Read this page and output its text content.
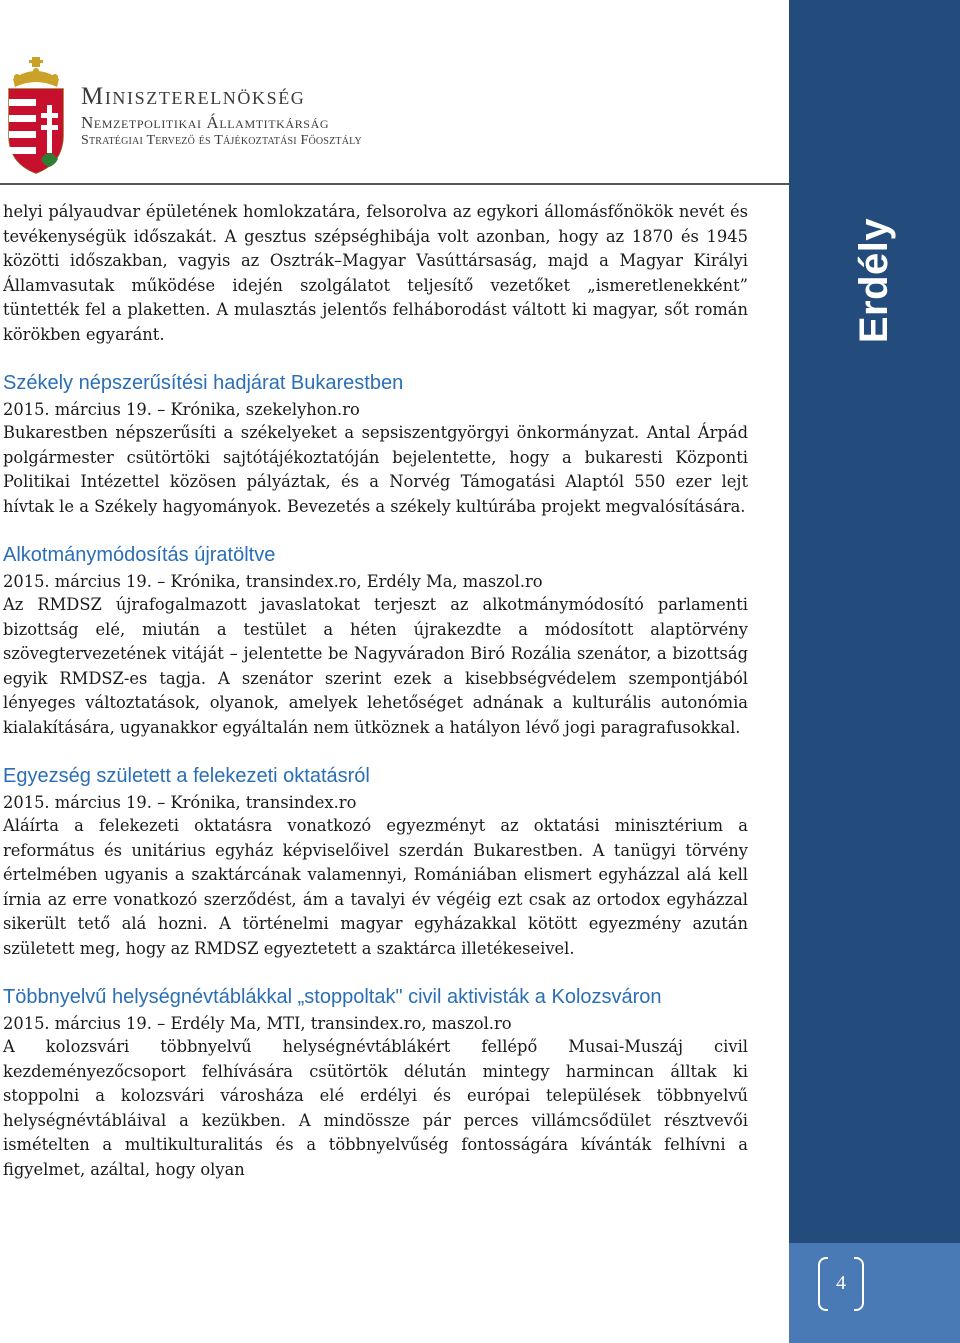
Erdély
4
Miniszterelnökség
Nemzetpolitikai Államtitkárság
Stratégiai Tervező és Tájékoztatási Főosztály

helyi pályaudvar épületének homlokzatára, felsorolva az egykori állomásfőnökök nevét és tevékenységük időszakát. A gesztus szépséghibája volt azonban, hogy az 1870 és 1945 közötti időszakban, vagyis az Osztrák–Magyar Vasúttársaság, majd a Magyar Királyi Államvasutak működése idején szolgálatot teljesítő vezetőket „ismeretlenekként” tüntették fel a plaketten. A mulasztás jelentős felháborodást váltott ki magyar, sőt román körökben egyaránt.

Székely népszerűsítési hadjárat Bukarestben
2015. március 19. – Krónika, szekelyhon.ro

Bukarestben népszerűsíti a székelyeket a sepsiszentgyörgyi önkormányzat. Antal Árpád polgármester csütörtöki sajtótájékoztatóján bejelentette, hogy a bukaresti Központi Politikai Intézettel közösen pályáztak, és a Norvég Támogatási Alaptól 550 ezer lejt hívtak le a Székely hagyományok. Bevezetés a székely kultúrába projekt megvalósítására.

Alkotmánymódosítás újratöltve
2015. március 19. – Krónika, transindex.ro, Erdély Ma, maszol.ro

Az RMDSZ újrafogalmazott javaslatokat terjeszt az alkotmánymódosító parlamenti bizottság elé, miután a testület a héten újrakezdte a módosított alaptörvény szövegtervezetének vitáját – jelentette be Nagyváradon Biró Rozália szenátor, a bizottság egyik RMDSZ-es tagja. A szenátor szerint ezek a kisebbségvédelem szempontjából lényeges változtatások, olyanok, amelyek lehetőséget adnának a kulturális autonómia kialakítására, ugyanakkor egyáltalán nem ütköznek a hatályon lévő jogi paragrafusokkal.

Egyezség született a felekezeti oktatásról
2015. március 19. – Krónika, transindex.ro

Aláírta a felekezeti oktatásra vonatkozó egyezményt az oktatási minisztérium a református és unitárius egyház képviselőivel szerdán Bukarestben. A tanügyi törvény értelmében ugyanis a szaktárcának valamennyi, Romániában elismert egyházzal alá kell írnia az erre vonatkozó szerződést, ám a tavalyi év végéig ezt csak az ortodox egyházzal sikerült tető alá hozni. A történelmi magyar egyházakkal kötött egyezmény azután született meg, hogy az RMDSZ egyeztetett a szaktárca illetékeseivel.

Többnyelvű helységnévtáblákkal „stoppoltak" civil aktivisták a Kolozsváron
2015. március 19. – Erdély Ma, MTI, transindex.ro, maszol.ro

A kolozsvári többnyelvű helységnévtáblákért fellépő Musai-Muszáj civil kezdeményezőcsoport felhívására csütörtök délután mintegy harmincan álltak ki stoppolni a kolozsvári városháza elé erdélyi és európai települések többnyelvű helységnévtábláival a kezükben. A mindössze pár perces villámcsődület résztvevői ismételten a multikulturalitás és a többnyelvűség fontosságára kívánták felhívni a figyelmet, azáltal, hogy olyan
